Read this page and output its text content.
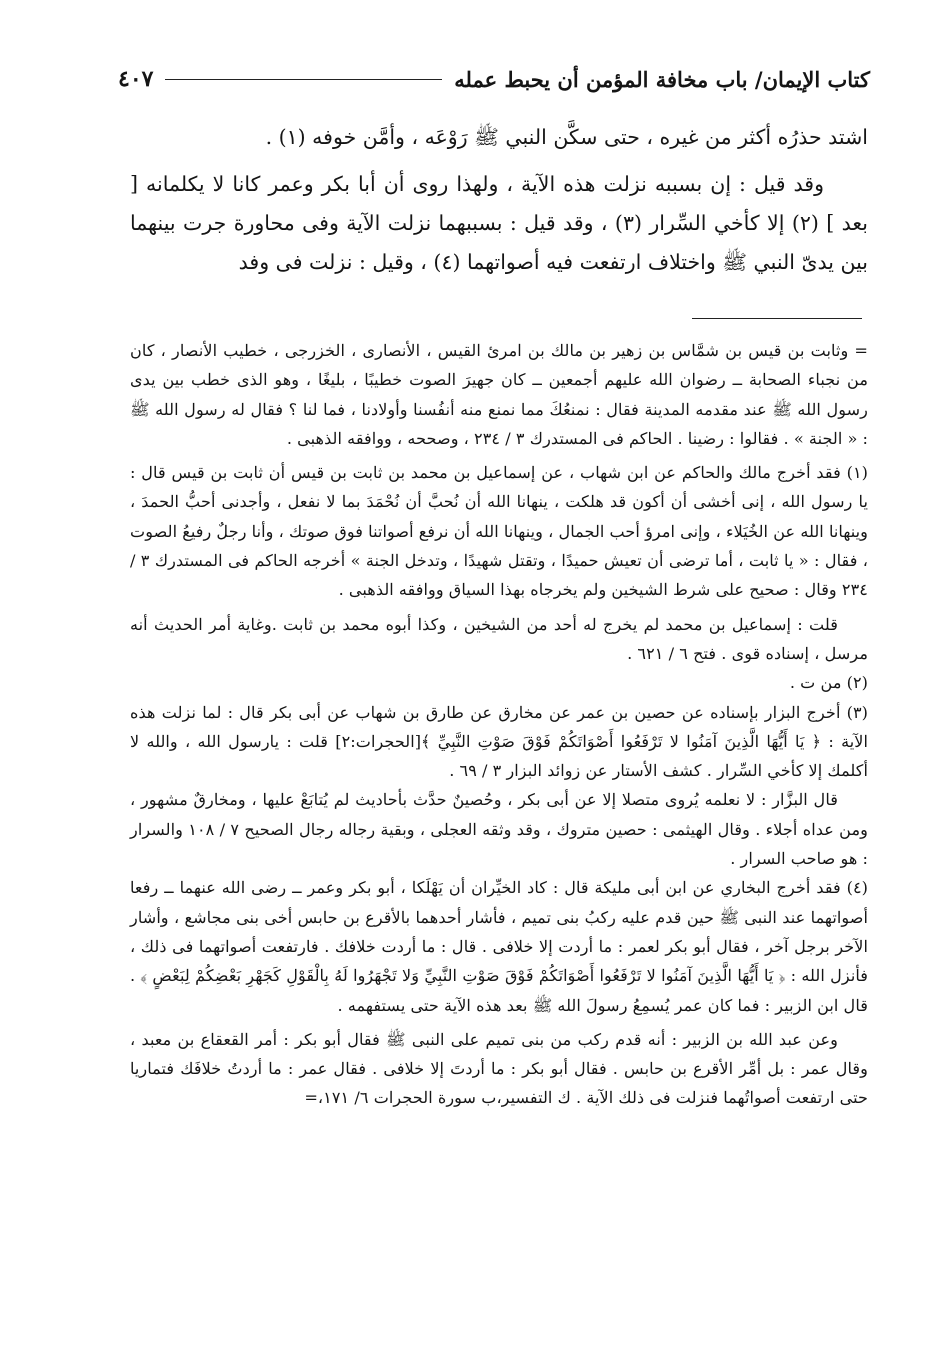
كتاب الإيمان/ باب مخافة المؤمن أن يحبط عمله
٤٠٧

اشتد حذرُه أكثر من غيره ، حتى سكَّن النبي ﷺ رَوْعَه ، وأمَّن خوفه (١) .

وقد قيل : إن بسببه نزلت هذه الآية ، ولهذا روى أن أبا بكر وعمر كانا لا يكلمانه [ بعد ] (٢) إلا كأخي السِّرار (٣) ، وقد قيل : بسببهما نزلت الآية وفى محاورة جرت بينهما بين يدىّ النبي ﷺ واختلاف ارتفعت فيه أصواتهما (٤) ، وقيل : نزلت فى وفد

= وثابت بن قيس بن شمَّاس بن زهير بن مالك بن امرئ القيس ، الأنصارى ، الخزرجى ، خطيب الأنصار ، كان من نجباء الصحابة ــ رضوان الله عليهم أجمعين ــ كان جهيرَ الصوت خطيبًا ، بليغًا ، وهو الذى خطب بين يدى رسول الله ﷺ عند مقدمه المدينة فقال : نمنعُكَ مما نمنع منه أنفُسنا وأولادنا ، فما لنا ؟ فقال له رسول الله ﷺ : « الجنة » . فقالوا : رضينا . الحاكم فى المستدرك ٣ / ٢٣٤ ، وصححه ، ووافقه الذهبى .

(١) فقد أخرج مالك والحاكم عن ابن شهاب ، عن إسماعيل بن محمد بن ثابت بن قيس أن ثابت بن قيس قال : يا رسول الله ، إنى أخشى أن أكون قد هلكت ، ينهانا الله أن نُحبَّ أن نُحْمَدَ بما لا نفعل ، وأجدنى أحبُّ الحمدَ ، وينهانا الله عن الخُيَلاء ، وإنى امرؤ أحب الجمال ، وينهانا الله أن نرفع أصواتنا فوق صوتك ، وأنا رجلٌ رفيعُ الصوت ، فقال : « يا ثابت ، أما ترضى أن تعيش حميدًا ، وتقتل شهيدًا ، وتدخل الجنة » أخرجه الحاكم فى المستدرك ٣ / ٢٣٤ وقال : صحيح على شرط الشيخين ولم يخرجاه بهذا السياق ووافقه الذهبى .

قلت : إسماعيل بن محمد لم يخرج له أحد من الشيخين ، وكذا أبوه محمد بن ثابت .وغاية أمر الحديث أنه مرسل ، إسناده قوى . فتح ٦ / ٦٢١ .

(٢) من ت .

(٣) أخرج البزار بإسناده عن حصين بن عمر عن مخارق عن طارق بن شهاب عن أبى بكر قال : لما نزلت هذه الآية : ﴿ يَا أَيُّهَا الَّذِينَ آمَنُوا لا تَرْفَعُوا أَصْوَاتَكُمْ فَوْقَ صَوْتِ النَّبِيِّ ﴾[الحجرات:٢] قلت : يارسول الله ، والله لا أكلمك إلا كأخي السِّرار . كشف الأستار عن زوائد البزار ٣ / ٦٩ .

قال البزَّار : لا نعلمه يُروى متصلا إلا عن أبى بكر ، وحُصينٌ حدَّث بأحاديث لم يُتابَعْ عليها ، ومخارقٌ مشهور ، ومن عداه أجلاء . وقال الهيثمى : حصين متروك ، وقد وثقه العجلى ، وبقية رجاله رجال الصحيح ٧ / ١٠٨ والسرار : هو صاحب السرار .

(٤) فقد أخرج البخاري عن ابن أبى مليكة قال : كاد الخيِّران أن يَهْلَكا ، أبو بكر وعمر ــ رضى الله عنهما ــ رفعا أصواتهما عند النبى ﷺ حين قدم عليه ركبُ بنى تميم ، فأشار أحدهما بالأقرع بن حابس أخى بنى مجاشع ، وأشار الآخر برجل آخر ، فقال أبو بكر لعمر : ما أردت إلا خلافى . قال : ما أردت خلافك . فارتفعت أصواتهما فى ذلك ، فأنزل الله : ﴿ يَا أَيُّهَا الَّذِينَ آمَنُوا لا تَرْفَعُوا أَصْوَاتَكُمْ فَوْقَ صَوْتِ النَّبِيِّ وَلا تَجْهَرُوا لَهُ بِالْقَوْلِ كَجَهْرِ بَعْضِكُمْ لِبَعْضٍ ﴾ . قال ابن الزبير : فما كان عمر يُسمِعُ رسولَ الله ﷺ بعد هذه الآية حتى يستفهمه .

وعن عبد الله بن الزبير : أنه قدم ركب من بنى تميم على النبى ﷺ فقال أبو بكر : أمر القعقاع بن معبد ، وقال عمر : بل أمِّر الأقرع بن حابس . فقال أبو بكر : ما أردتَ إلا خلافى . فقال عمر : ما أردتُ خلافَك فتماريا حتى ارتفعت أصواتُهما فنزلت فى ذلك الآية . ك التفسير،ب سورة الحجرات ٦/ ١٧١،=
